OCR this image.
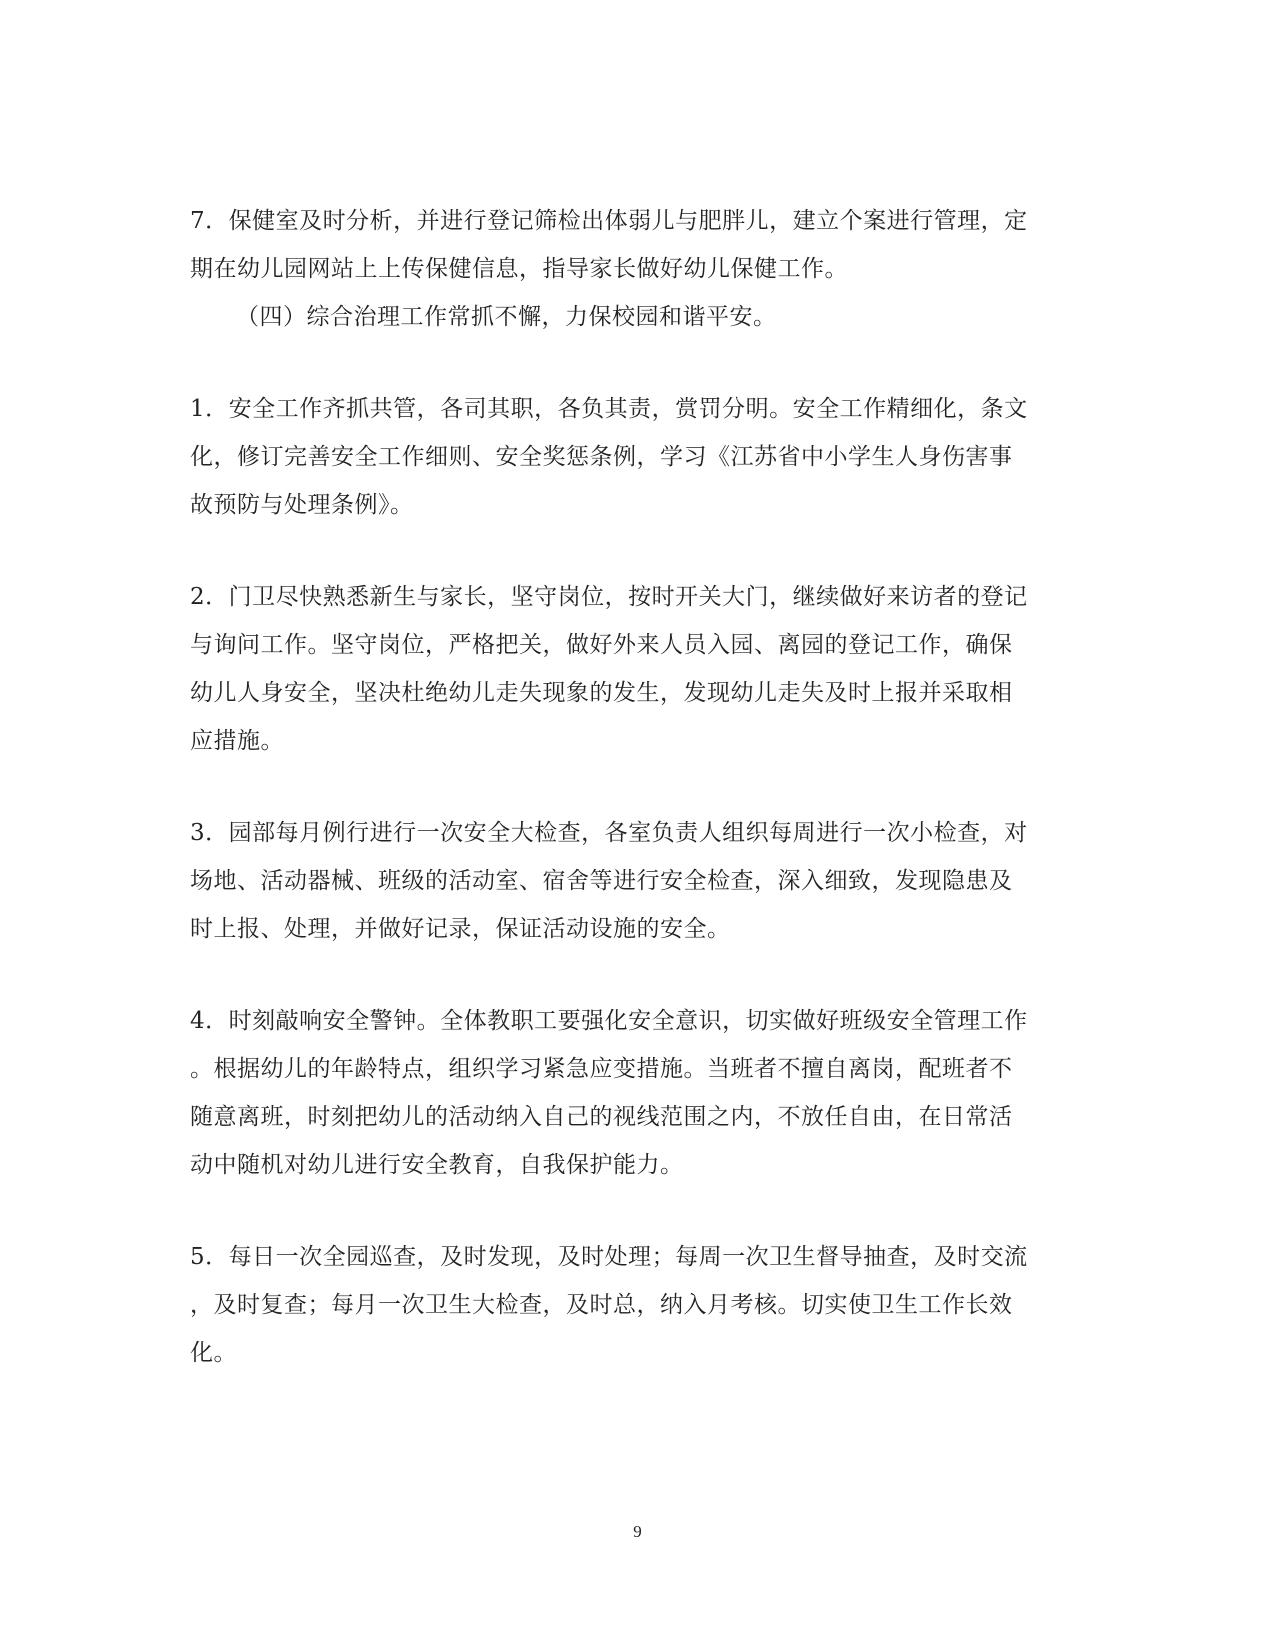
7．保健室及时分析，并进行登记筛检出体弱儿与肥胖儿，建立个案进行管理，定
期在幼儿园网站上上传保健信息，指导家长做好幼儿保健工作。
（四）综合治理工作常抓不懈，力保校园和谐平安。
1．安全工作齐抓共管，各司其职，各负其责，赏罚分明。安全工作精细化，条文
化，修订完善安全工作细则、安全奖惩条例，学习《江苏省中小学生人身伤害事
故预防与处理条例》。
2．门卫尽快熟悉新生与家长，坚守岗位，按时开关大门，继续做好来访者的登记
与询问工作。坚守岗位，严格把关，做好外来人员入园、离园的登记工作，确保
幼儿人身安全，坚决杜绝幼儿走失现象的发生，发现幼儿走失及时上报并采取相
应措施。
3．园部每月例行进行一次安全大检查，各室负责人组织每周进行一次小检查，对
场地、活动器械、班级的活动室、宿舍等进行安全检查，深入细致，发现隐患及
时上报、处理，并做好记录，保证活动设施的安全。
4．时刻敲响安全警钟。全体教职工要强化安全意识，切实做好班级安全管理工作
。根据幼儿的年龄特点，组织学习紧急应变措施。当班者不擅自离岗，配班者不
随意离班，时刻把幼儿的活动纳入自己的视线范围之内，不放任自由，在日常活
动中随机对幼儿进行安全教育，自我保护能力。
5．每日一次全园巡查，及时发现，及时处理；每周一次卫生督导抽查，及时交流
，及时复查；每月一次卫生大检查，及时总，纳入月考核。切实使卫生工作长效
化。
9
